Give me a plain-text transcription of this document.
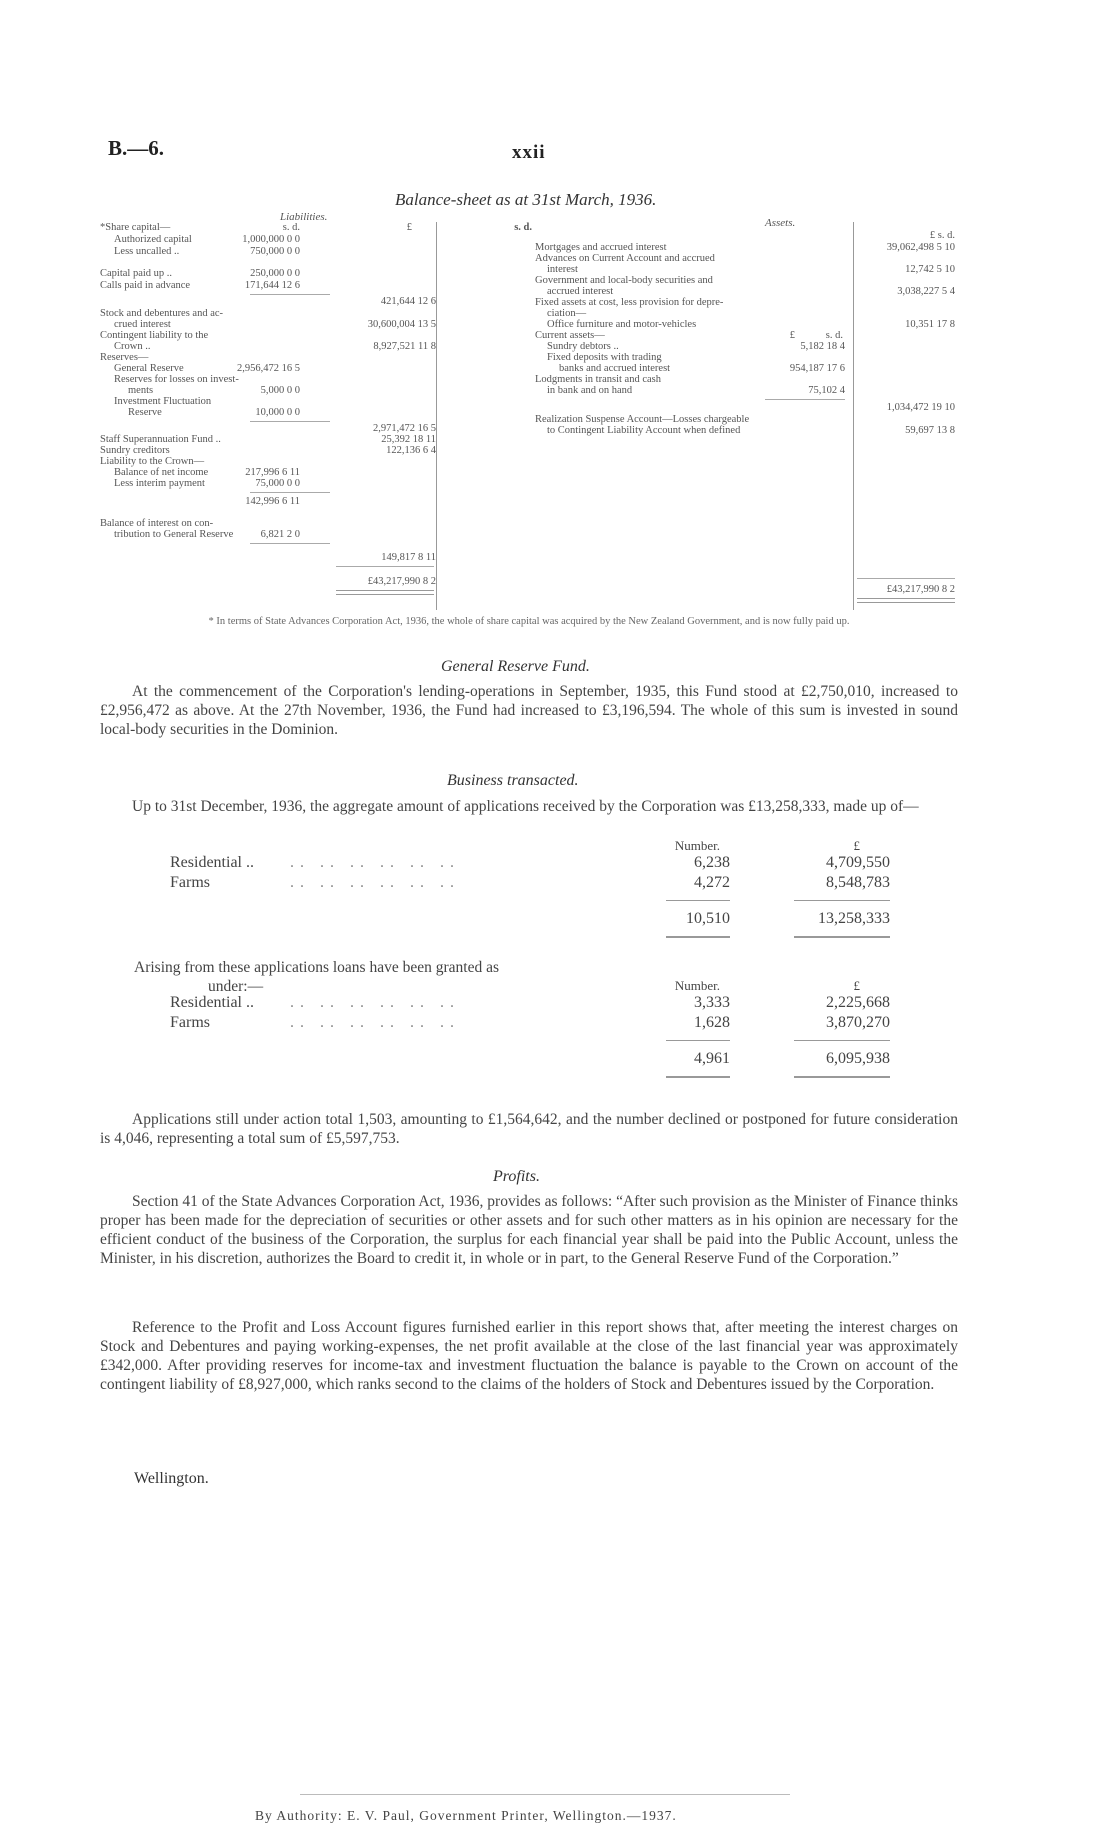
B.—6.	xxii
Balance-sheet as at 31st March, 1936.
Liabilities.
s. d.	£	s. d.
*Share capital—
Authorized capital	1,000,000 0 0
Less uncalled ..	750,000 0 0
Capital paid up ..	250,000 0 0
Calls paid in advance	171,644 12 6
421,644 12 6
Stock and debentures and ac-
crued interest	30,600,004 13 5
Contingent liability to the
Crown ..	8,927,521 11 8
Reserves—
General Reserve	2,956,472 16 5
Reserves for losses on invest-
ments	5,000 0 0
Investment Fluctuation
Reserve	10,000 0 0
2,971,472 16 5
Staff Superannuation Fund ..	25,392 18 11
Sundry creditors	122,136 6 4
Liability to the Crown—
Balance of net income	217,996 6 11
Less interim payment	75,000 0 0
142,996 6 11
Balance of interest on con-
tribution to General Reserve	6,821 2 0
149,817 8 11
£43,217,990 8 2
Assets.
£ s. d.
Mortgages and accrued interest	39,062,498 5 10
Advances on Current Account and accrued
interest	12,742 5 10
Government and local-body securities and
accrued interest	3,038,227 5 4
Fixed assets at cost, less provision for depre-
ciation—
Office furniture and motor-vehicles	10,351 17 8
Current assets—	£	s. d.
Sundry debtors ..	5,182 18 4
Fixed deposits with trading
banks and accrued interest	954,187 17 6
Lodgments in transit and cash
in bank and on hand	75,102 4
1,034,472 19 10
Realization Suspense Account—Losses chargeable
to Contingent Liability Account when defined	59,697 13 8
£43,217,990 8 2
* In terms of State Advances Corporation Act, 1936, the whole of share capital was acquired by the New Zealand Government, and is now fully paid up.
General Reserve Fund.
At the commencement of the Corporation's lending-operations in September, 1935, this Fund stood at £2,750,010, increased to £2,956,472 as above. At the 27th November, 1936, the Fund had increased to £3,196,594. The whole of this sum is invested in sound local-body securities in the Dominion.
Business transacted.
Up to 31st December, 1936, the aggregate amount of applications received by the Corporation was £13,258,333, made up of—
Number.	£
Residential .. .. .. .. .. .. ..	6,238	4,709,550
Farms	.. .. .. .. .. ..	4,272	8,548,783
10,510	13,258,333
Arising from these applications loans have been granted as
under:—	Number.	£
Residential .. .. .. .. .. .. ..	3,333	2,225,668
Farms	.. .. .. .. .. ..	1,628	3,870,270
4,961	6,095,938
Applications still under action total 1,503, amounting to £1,564,642, and the number declined or postponed for future consideration is 4,046, representing a total sum of £5,597,753.
Profits.
Section 41 of the State Advances Corporation Act, 1936, provides as follows: “After such provision as the Minister of Finance thinks proper has been made for the depreciation of securities or other assets and for such other matters as in his opinion are necessary for the efficient conduct of the business of the Corporation, the surplus for each financial year shall be paid into the Public Account, unless the Minister, in his discretion, authorizes the Board to credit it, in whole or in part, to the General Reserve Fund of the Corporation.”
Reference to the Profit and Loss Account figures furnished earlier in this report shows that, after meeting the interest charges on Stock and Debentures and paying working-expenses, the net profit available at the close of the last financial year was approximately £342,000. After providing reserves for income-tax and investment fluctuation the balance is payable to the Crown on account of the contingent liability of £8,927,000, which ranks second to the claims of the holders of Stock and Debentures issued by the Corporation.
Wellington.
By Authority: E. V. Paul, Government Printer, Wellington.—1937.
